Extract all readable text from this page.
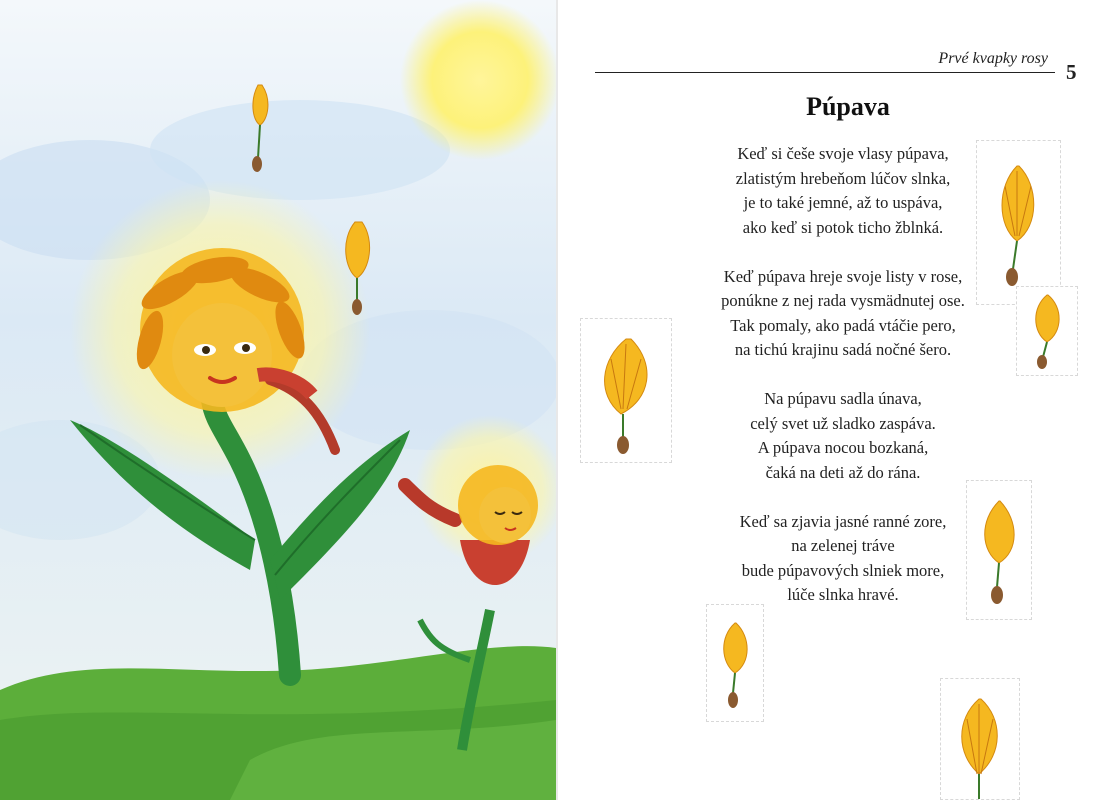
Prvé kvapky rosy
5
Púpava
Keď si češe svoje vlasy púpava,
zlatistým hrebeňom lúčov slnka,
je to také jemné, až to uspáva,
ako keď si potok ticho žblnká.
Keď púpava hreje svoje listy v rose,
ponúkne z nej rada vysmädnutej ose.
Tak pomaly, ako padá vtáčie pero,
na tichú krajinu sadá nočné šero.
Na púpavu sadla únava,
celý svet už sladko zaspáva.
A púpava nocou bozkaná,
čaká na deti až do rána.
Keď sa zjavia jasné ranné zore,
na zelenej tráve
bude púpavových slniek more,
lúče slnka hravé.
